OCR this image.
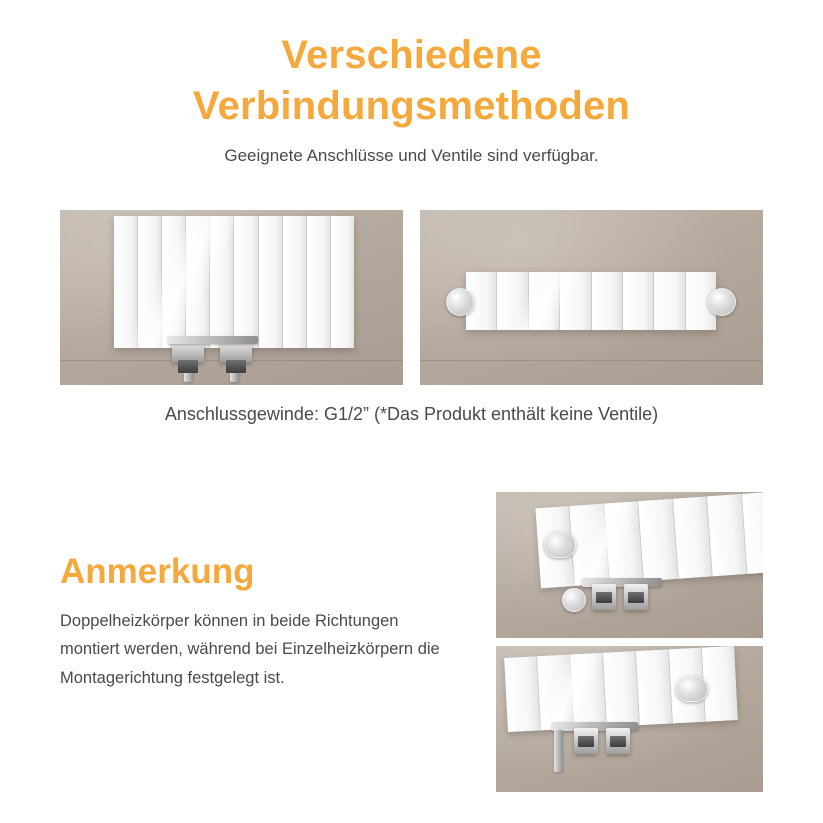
Verschiedene
Verbindungsmethoden
Geeignete Anschlüsse und Ventile sind verfügbar.
Anschlussgewinde: G1/2” (*Das Produkt enthält keine Ventile)
Anmerkung
Doppelheizkörper können in beide Richtungen montiert werden, während bei Einzelheizkörpern die Montagerichtung festgelegt ist.
